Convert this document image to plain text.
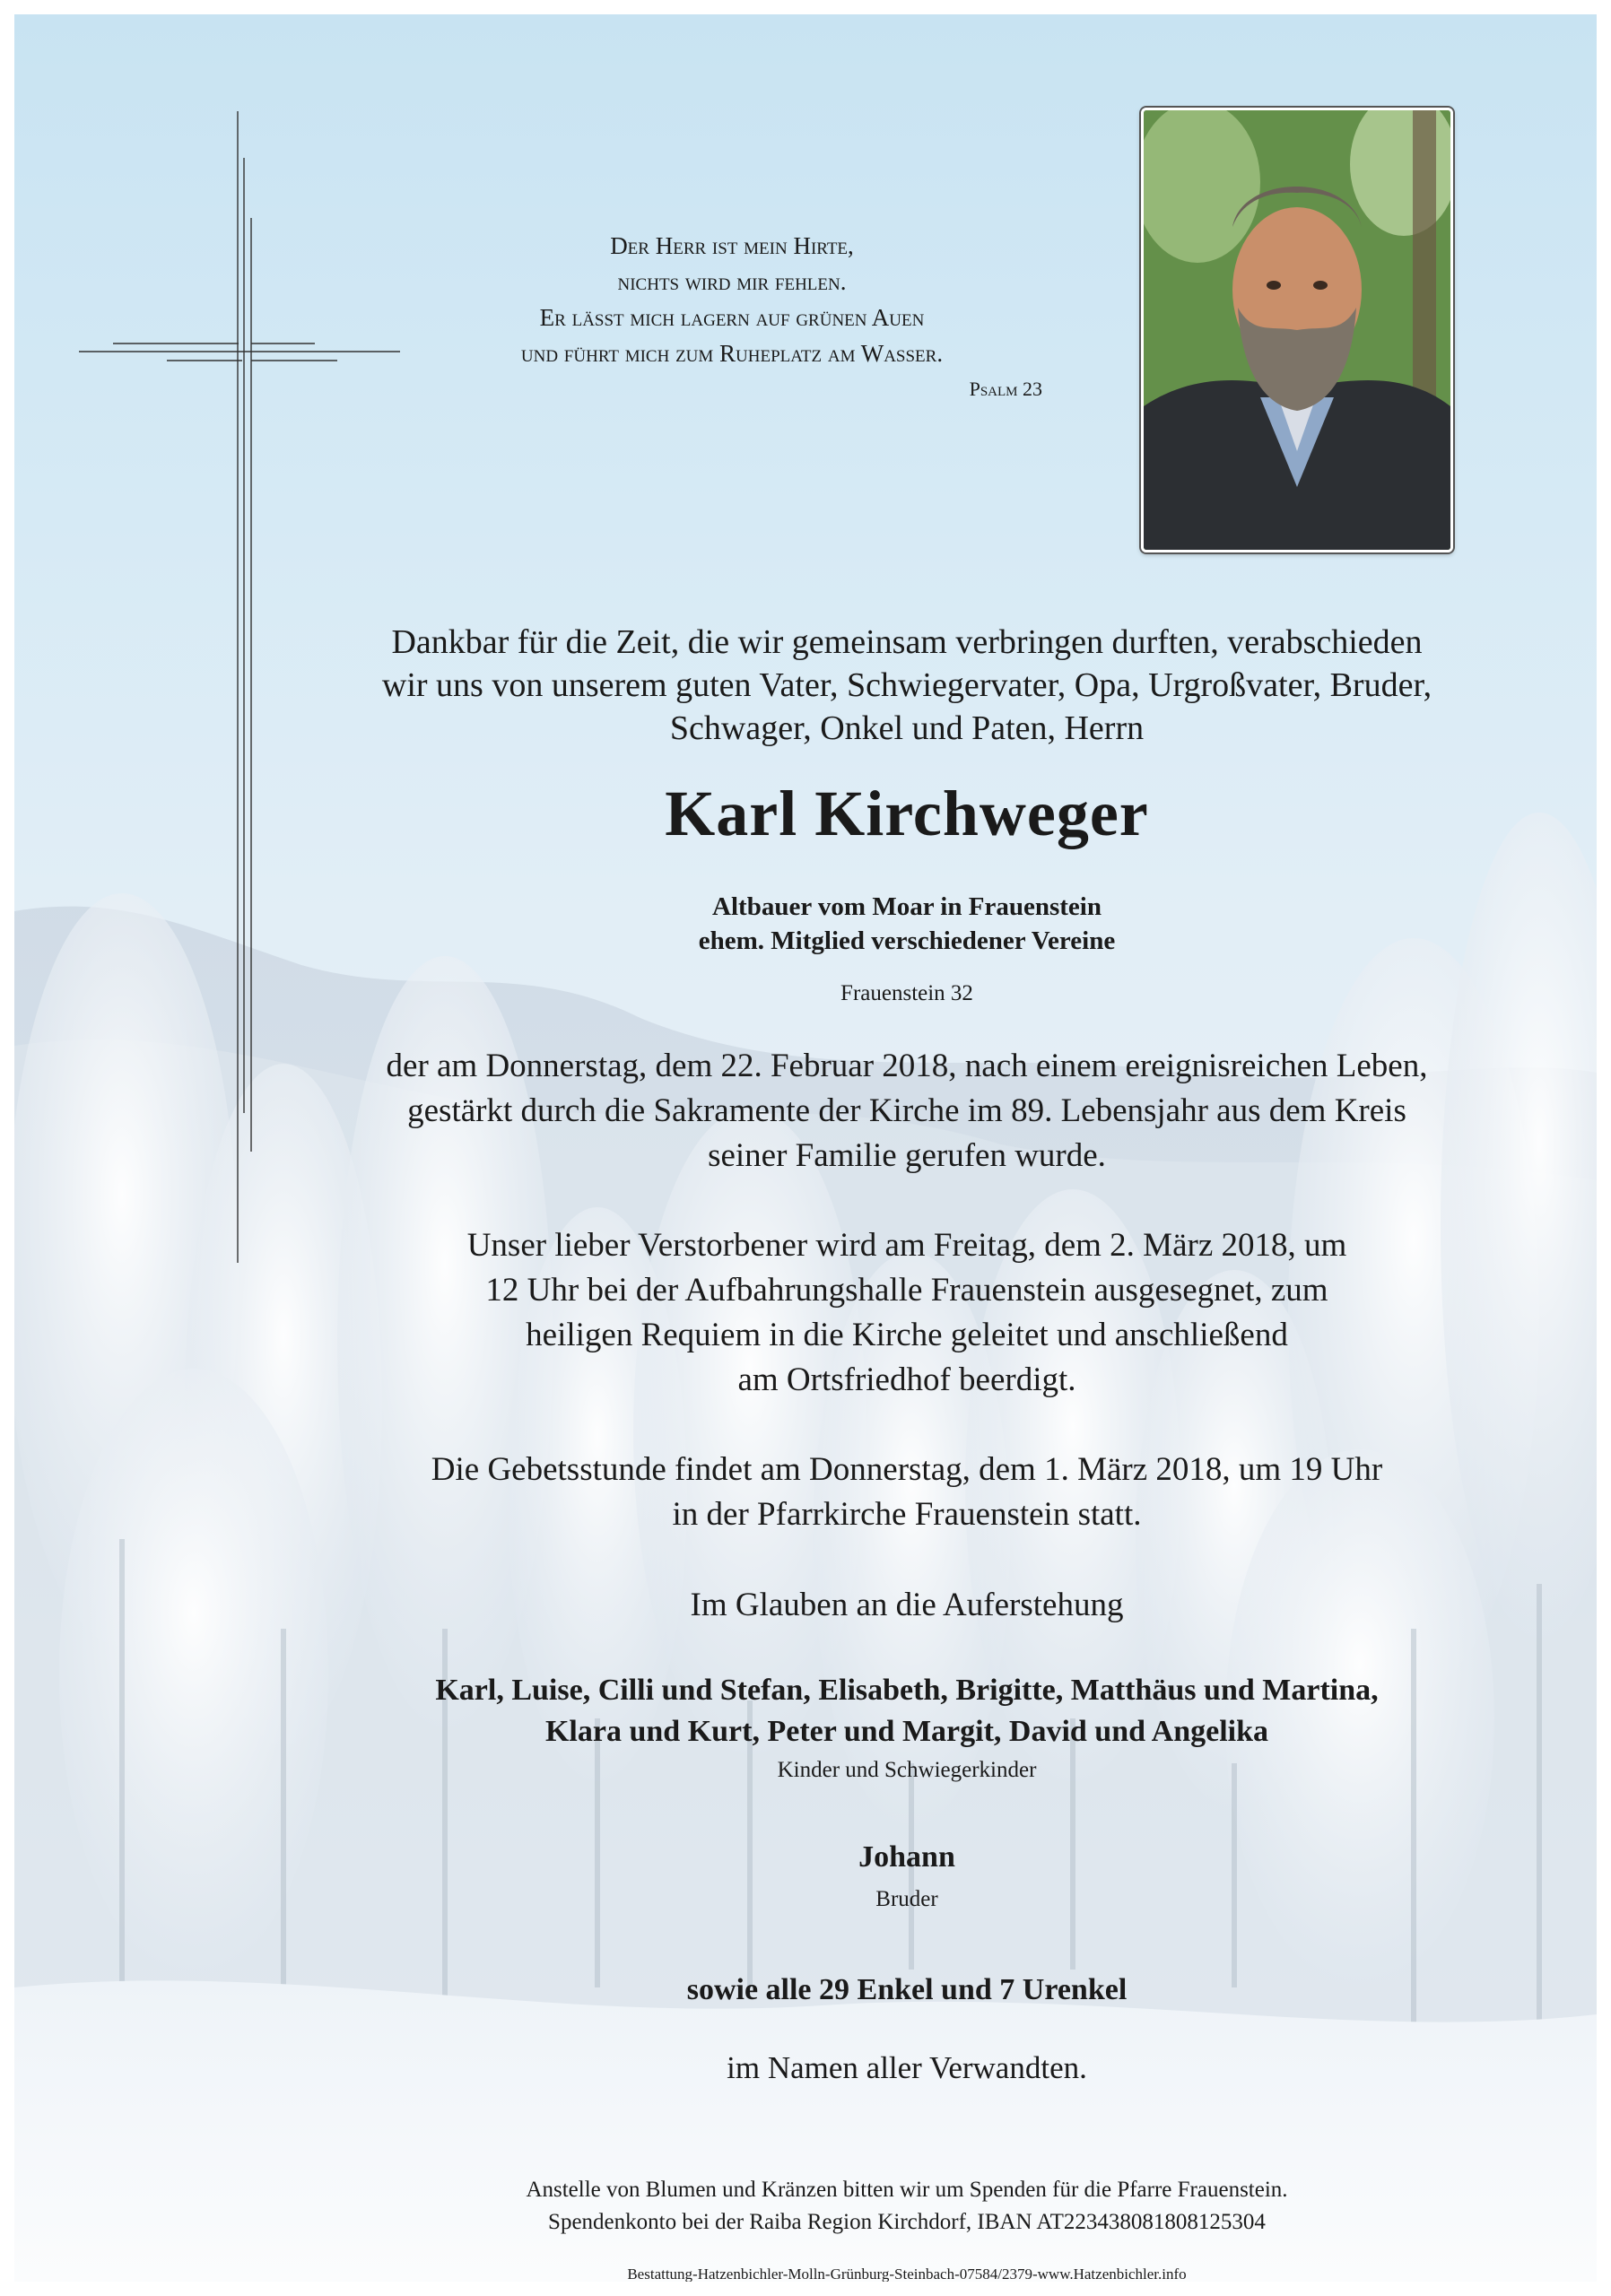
Der Herr ist mein Hirte,
nichts wird mir fehlen.
Er lässt mich lagern auf grünen Auen
und führt mich zum Ruheplatz am Wasser.
Psalm 23
Dankbar für die Zeit, die wir gemeinsam verbringen durften, verabschieden
wir uns von unserem guten Vater, Schwiegervater, Opa, Urgroßvater, Bruder,
Schwager, Onkel und Paten, Herrn
Karl Kirchweger
Altbauer vom Moar in Frauenstein
ehem. Mitglied verschiedener Vereine
Frauenstein 32
der am Donnerstag, dem 22. Februar 2018, nach einem ereignisreichen Leben,
gestärkt durch die Sakramente der Kirche im 89. Lebensjahr aus dem Kreis
seiner Familie gerufen wurde.
Unser lieber Verstorbener wird am Freitag, dem 2. März 2018, um
12 Uhr bei der Aufbahrungshalle Frauenstein ausgesegnet, zum
heiligen Requiem in die Kirche geleitet und anschließend
am Ortsfriedhof beerdigt.
Die Gebetsstunde findet am Donnerstag, dem 1. März 2018, um 19 Uhr
in der Pfarrkirche Frauenstein statt.
Im Glauben an die Auferstehung
Karl, Luise, Cilli und Stefan, Elisabeth, Brigitte, Matthäus und Martina,
Klara und Kurt, Peter und Margit, David und Angelika
Kinder und Schwiegerkinder
Johann
Bruder
sowie alle 29 Enkel und 7 Urenkel
im Namen aller Verwandten.
Anstelle von Blumen und Kränzen bitten wir um Spenden für die Pfarre Frauenstein.
Spendenkonto bei der Raiba Region Kirchdorf, IBAN AT223438081808125304
Bestattung-Hatzenbichler-Molln-Grünburg-Steinbach-07584/2379-www.Hatzenbichler.info
